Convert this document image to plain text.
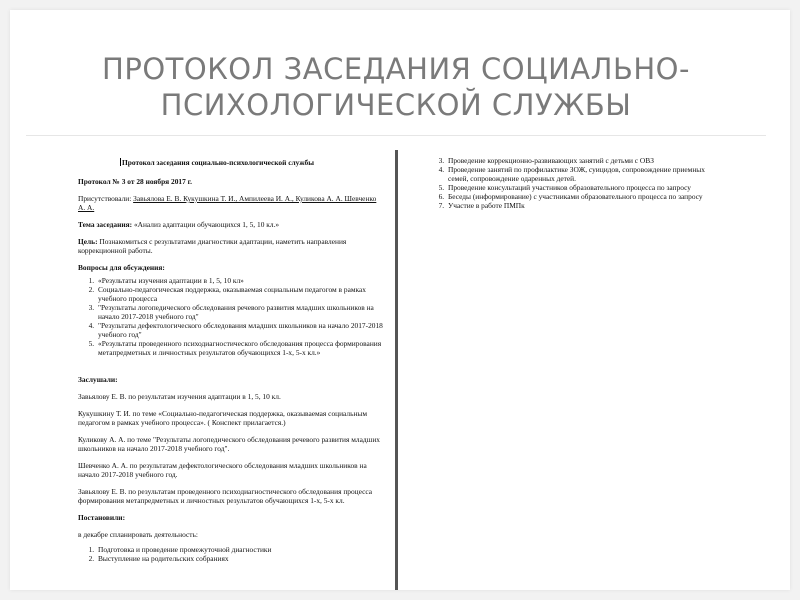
ПРОТОКОЛ ЗАСЕДАНИЯ СОЦИАЛЬНО-ПСИХОЛОГИЧЕСКОЙ СЛУЖБЫ
Протокол заседания социально-психологической службы
Протокол № 3 от 28 ноября 2017 г.
Присутствовали: Завьялова Е. В. Кукушкина Т. И., Ампилеева И. А., Куликова А. А. Шевченко А. А.
Тема заседания: «Анализ адаптации обучающихся 1, 5, 10 кл.»
Цель: Познакомиться с результатами диагностики адаптации, наметить направления коррекционной работы.
Вопросы для обсуждения:
1. «Результаты изучения адаптации в 1, 5, 10 кл»
2. Социально-педагогическая поддержка, оказываемая социальным педагогом в рамках учебного процесса
3. "Результаты логопедического обследования речевого развития младших школьников на начало 2017-2018 учебного год"
4. "Результаты дефектологического обследования младших школьников на начало 2017-2018 учебного год"
5. «Результаты проведенного психодиагностического обследования процесса формирования метапредметных и личностных результатов обучающихся 1-х, 5-х кл.»
Заслушали:
Завьялову Е. В. по результатам изучения адаптации в 1, 5, 10 кл.
Кукушкину Т. И. по теме «Социально-педагогическая поддержка, оказываемая социальным педагогом в рамках учебного процесса». ( Конспект прилагается.)
Куликову А. А. по теме "Результаты логопедического обследования речевого развития младших школьников на начало 2017-2018 учебного год".
Шевченко А. А. по результатам дефектологического обследования младших школьников на начало 2017-2018 учебного год.
Завьялову Е. В. по результатам проведенного психодиагностического обследования процесса формирования метапредметных и личностных результатов обучающихся 1-х, 5-х кл.
Постановили:
в декабре спланировать деятельность:
1. Подготовка и проведение промежуточной диагностики
2. Выступление на родительских собраниях
3. Проведение коррекционно-развивающих занятий с детьми с ОВЗ
4. Проведение занятий по профилактике ЗОЖ, суицидов, сопровождение приемных семей, сопровождение одаренных детей.
5. Проведение консультаций участников образовательного процесса по запросу
6. Беседы (информирование) с участниками образовательного процесса по запросу
7. Участие в работе ПМПк
